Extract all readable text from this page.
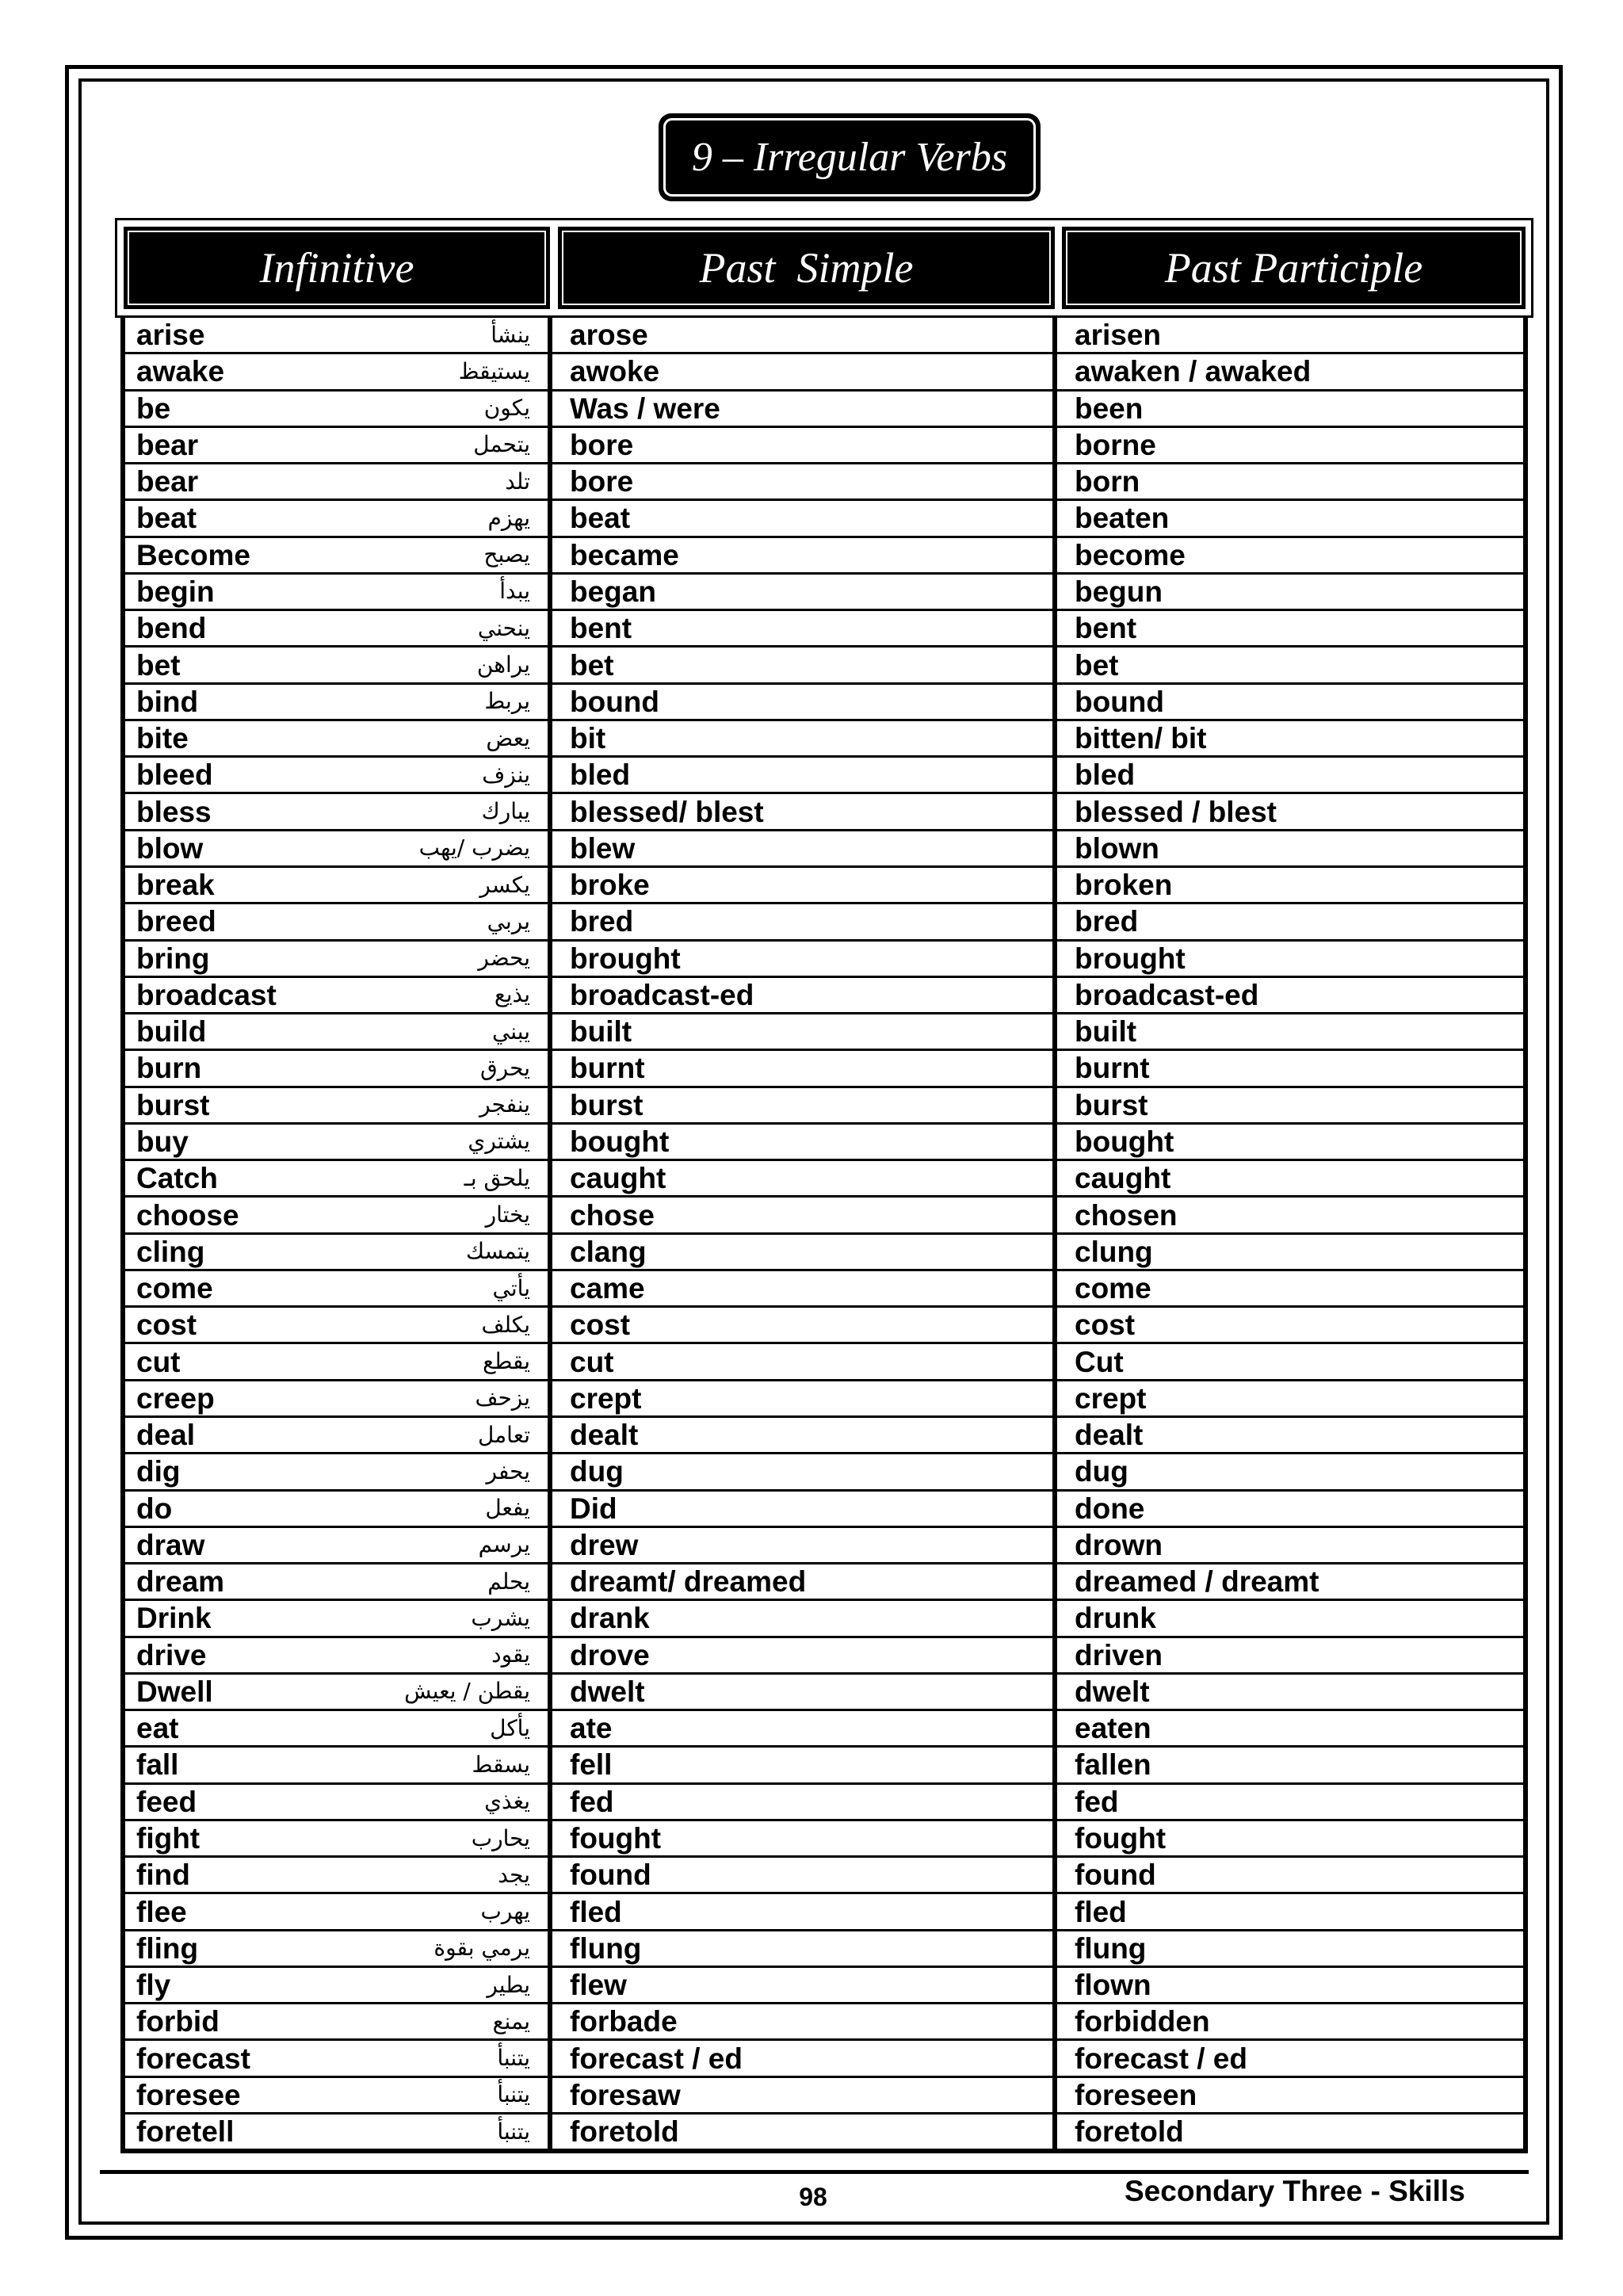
9 – Irregular Verbs
Infinitive	Past  Simple	Past Participle
arise	ينشأ	arose	arisen
awake	يستيقظ	awoke	awaken / awaked
be	يكون	Was / were	been
bear	يتحمل	bore	borne
bear	تلد	bore	born
beat	يهزم	beat	beaten
Become	يصبح	became	become
begin	يبدأ	began	begun
bend	ينحني	bent	bent
bet	يراهن	bet	bet
bind	يربط	bound	bound
bite	يعض	bit	bitten/ bit
bleed	ينزف	bled	bled
bless	يبارك	blessed/ blest	blessed / blest
blow	يضرب /يهب	blew	blown
break	يكسر	broke	broken
breed	يربي	bred	bred
bring	يحضر	brought	brought
broadcast	يذيع	broadcast-ed	broadcast-ed
build	يبني	built	built
burn	يحرق	burnt	burnt
burst	ينفجر	burst	burst
buy	يشتري	bought	bought
Catch	يلحق بـ	caught	caught
choose	يختار	chose	chosen
cling	يتمسك	clang	clung
come	يأتي	came	come
cost	يكلف	cost	cost
cut	يقطع	cut	Cut
creep	يزحف	crept	crept
deal	تعامل	dealt	dealt
dig	يحفر	dug	dug
do	يفعل	Did	done
draw	يرسم	drew	drown
dream	يحلم	dreamt/ dreamed	dreamed / dreamt
Drink	يشرب	drank	drunk
drive	يقود	drove	driven
Dwell	يقطن / يعيش	dwelt	dwelt
eat	يأكل	ate	eaten
fall	يسقط	fell	fallen
feed	يغذي	fed	fed
fight	يحارب	fought	fought
find	يجد	found	found
flee	يهرب	fled	fled
fling	يرمي بقوة	flung	flung
fly	يطير	flew	flown
forbid	يمنع	forbade	forbidden
forecast	يتنبأ	forecast / ed	forecast / ed
foresee	يتنبأ	foresaw	foreseen
foretell	يتنبأ	foretold	foretold
98	Secondary Three - Skills
